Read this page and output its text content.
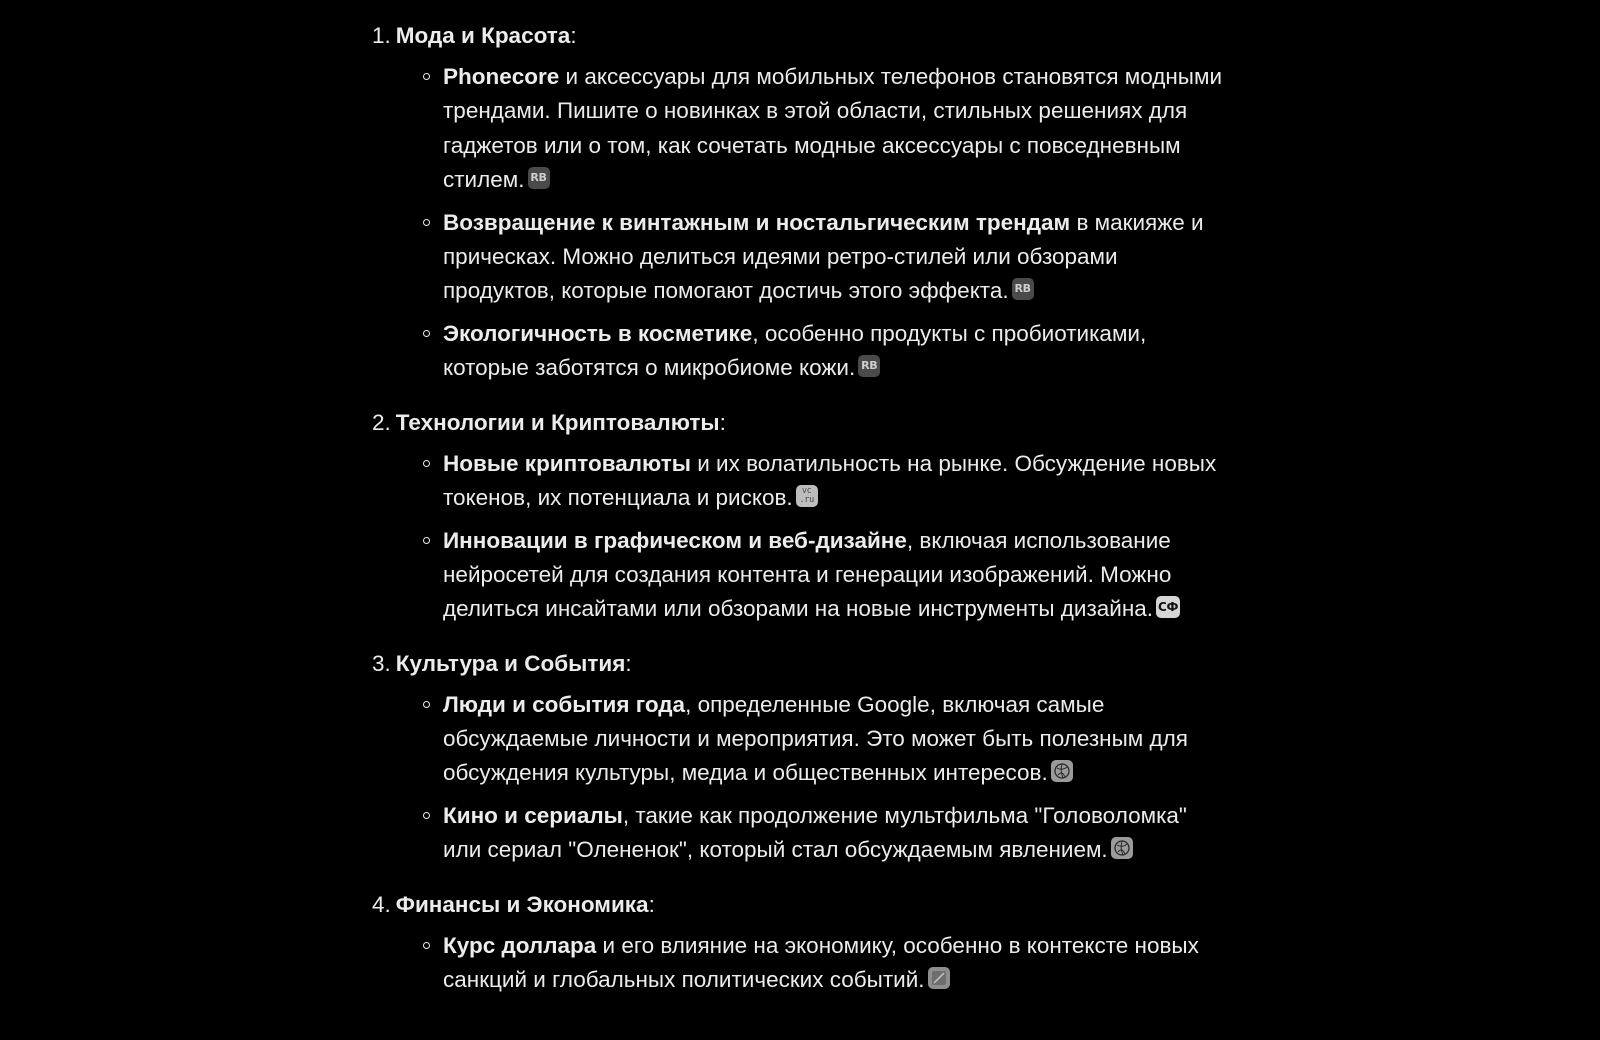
1. Мода и Красота :
Phonecore и аксессуары для мобильных телефонов становятся модными трендами. Пишите о новинках в этой области, стильных решениях для гаджетов или о том, как сочетать модные аксессуары с повседневным стилем. RB
Возвращение к винтажным и ностальгическим трендам в макияже и прическах. Можно делиться идеями ретро-стилей или обзорами продуктов, которые помогают достичь этого эффекта. RB
Экологичность в косметике, особенно продукты с пробиотиками, которые заботятся о микробиоме кожи. RB
2. Технологии и Криптовалюты :
Новые криптовалюты и их волатильность на рынке. Обсуждение новых токенов, их потенциала и рисков. vc
.ru
Инновации в графическом и веб-дизайне, включая использование нейросетей для создания контента и генерации изображений. Можно делиться инсайтами или обзорами на новые инструменты дизайна. СФ
3. Культура и События :
Люди и события года, определенные Google, включая самые обсуждаемые личности и мероприятия. Это может быть полезным для обсуждения культуры, медиа и общественных интересов.
Кино и сериалы, такие как продолжение мультфильма "Головоломка" или сериал "Олененок", который стал обсуждаемым явлением.
4. Финансы и Экономика :
Курс доллара и его влияние на экономику, особенно в контексте новых санкций и глобальных политических событий.
